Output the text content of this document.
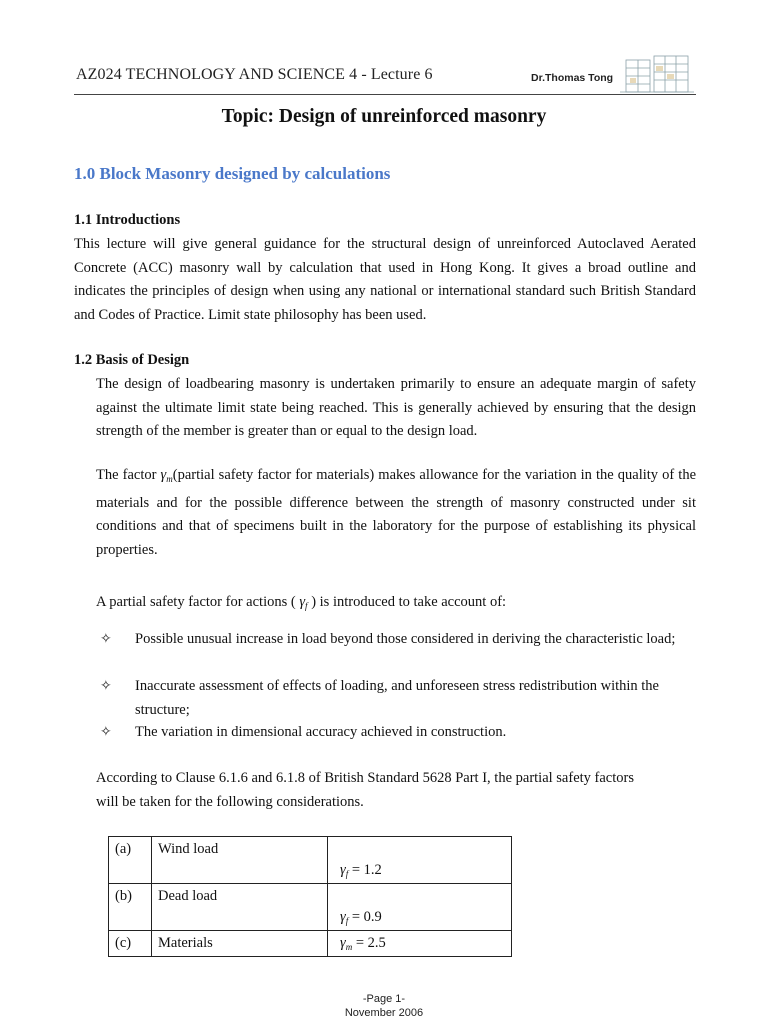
AZ024 TECHNOLOGY AND SCIENCE 4 - Lecture 6	Dr.Thomas Tong
Topic: Design of unreinforced masonry
1.0 Block Masonry designed by calculations
1.1 Introductions
This lecture will give general guidance for the structural design of unreinforced Autoclaved Aerated Concrete (ACC) masonry wall by calculation that used in Hong Kong. It gives a broad outline and indicates the principles of design when using any national or international standard such British Standard and Codes of Practice. Limit state philosophy has been used.
1.2 Basis of Design
The design of loadbearing masonry is undertaken primarily to ensure an adequate margin of safety against the ultimate limit state being reached. This is generally achieved by ensuring that the design strength of the member is greater than or equal to the design load.
The factor $\gamma_m(partial$ safety factor for materials) makes allowance for the variation in the quality of the materials and for the possible difference between the strength of masonry constructed under sit conditions and that of specimens built in the laboratory for the purpose of establishing its physical properties.
A partial safety factor for actions ( $\gamma_f$ ) is introduced to take account of:
✧ Possible unusual increase in load beyond those considered in deriving the characteristic load;
✧ Inaccurate assessment of effects of loading, and unforeseen stress redistribution within the structure;
✧ The variation in dimensional accuracy achieved in construction.
According to Clause 6.1.6 and 6.1.8 of British Standard 5628 Part I, the partial safety factors will be taken for the following considerations.
(a)	Wind load	$\gamma_f = 1.2$
(b)	Dead load	$\gamma_f = 0.9$
(c)	Materials	$\gamma_m = 2.5$
-Page 1-
November 2006
